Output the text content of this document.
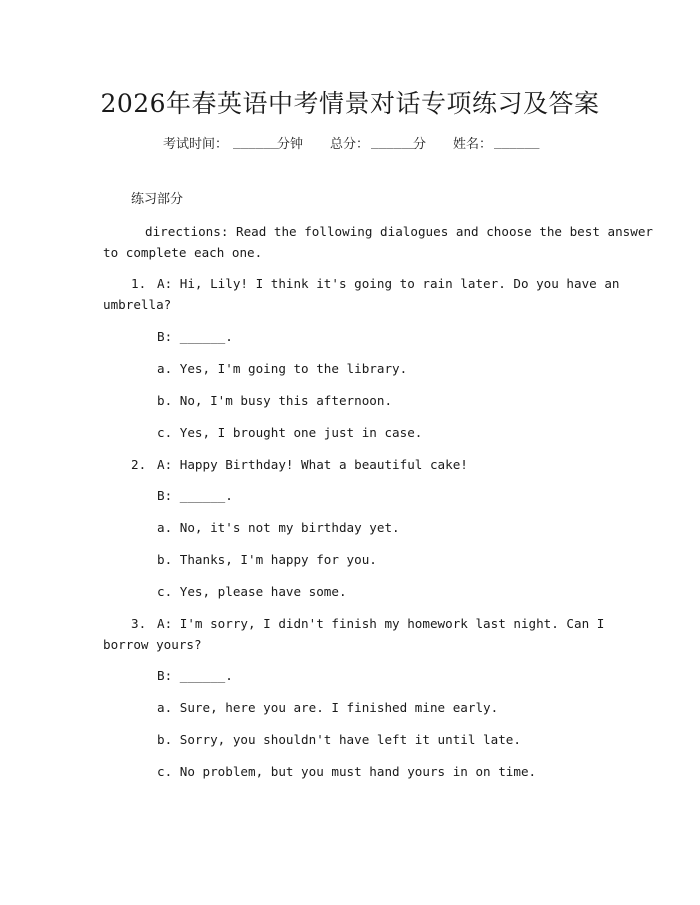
2026年春英语中考情景对话专项练习及答案
考试时间： ______
分钟 总分： ______
分 姓名： ______
练习部分
directions: Read the following dialogues and choose the best answer
to complete each one.
1. A: Hi, Lily! I think it's going to rain later. Do you have an
umbrella?
B: ______.
a. Yes, I'm going to the library.
b. No, I'm busy this afternoon.
c. Yes, I brought one just in case.
2. A: Happy Birthday! What a beautiful cake!
B: ______.
a. No, it's not my birthday yet.
b. Thanks, I'm happy for you.
c. Yes, please have some.
3. A: I'm sorry, I didn't finish my homework last night. Can I
borrow yours?
B: ______.
a. Sure, here you are. I finished mine early.
b. Sorry, you shouldn't have left it until late.
c. No problem, but you must hand yours in on time.
